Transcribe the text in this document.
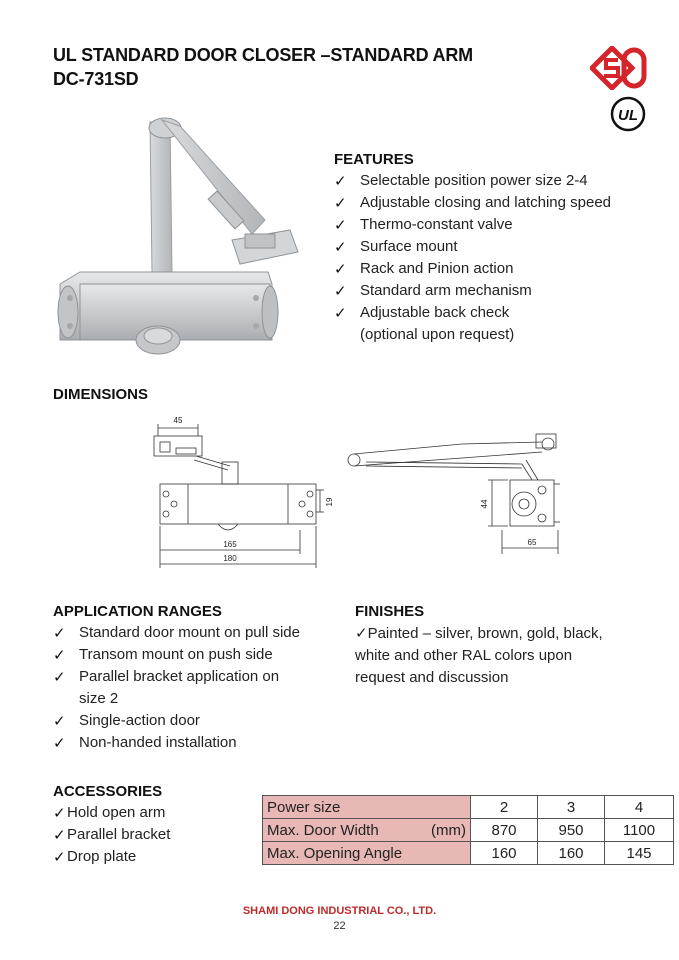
UL STANDARD DOOR CLOSER –STANDARD ARM
DC-731SD
UL
FEATURES
✓ Selectable position power size 2-4
✓ Adjustable closing and latching speed
✓ Thermo-constant valve
✓ Surface mount
✓ Rack and Pinion action
✓ Standard arm mechanism
✓ Adjustable back check
(optional upon request)
DIMENSIONS
45
19
165
180
44
65
APPLICATION RANGES
✓ Standard door mount on pull side
✓ Transom mount on push side
✓ Parallel bracket application on
size 2
✓ Single-action door
✓ Non-handed installation
FINISHES
✓Painted – silver, brown, gold, black,
white and other RAL colors upon
request and discussion
ACCESSORIES
✓ Hold open arm
✓ Parallel bracket
✓ Drop plate
Power size	2	3	4
Max. Door Width (mm)	870	950	1100
Max. Opening Angle	160	160	145
SHAMI DONG INDUSTRIAL CO., LTD.
22
